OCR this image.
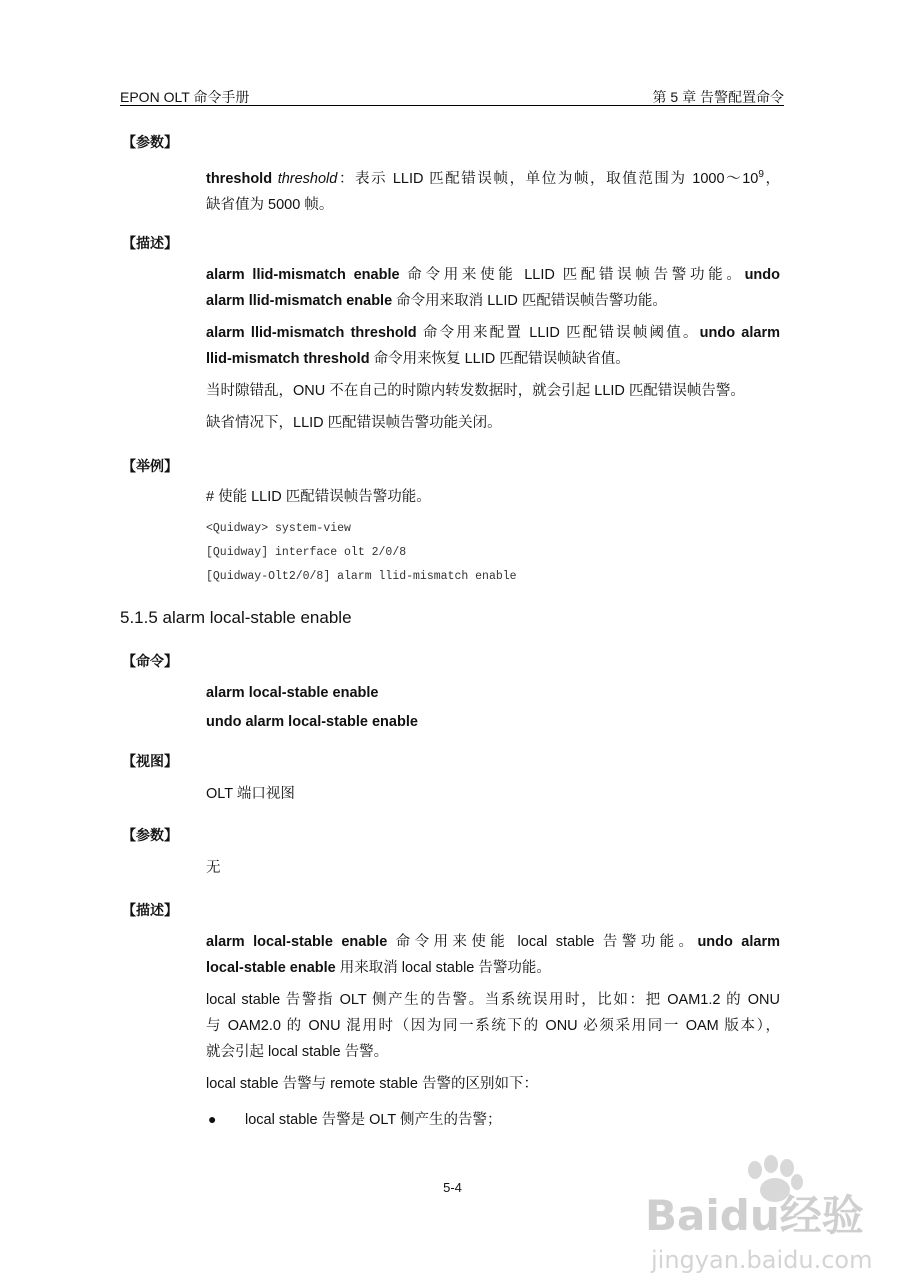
EPON OLT 命令手册	第 5 章 告警配置命令
【参数】
threshold threshold：表示 LLID 匹配错误帧，单位为帧，取值范围为 $1000\sim 10^9$，
缺省值为 5000 帧。
【描述】
alarm llid-mismatch enable 命令用来使能 LLID 匹配错误帧告警功能。undo
alarm llid-mismatch enable 命令用来取消 LLID 匹配错误帧告警功能。
alarm llid-mismatch threshold 命令用来配置 LLID 匹配错误帧阈值。undo alarm
llid-mismatch threshold 命令用来恢复 LLID 匹配错误帧缺省值。
当时隙错乱，ONU 不在自己的时隙内转发数据时，就会引起 LLID 匹配错误帧告警。
缺省情况下，LLID 匹配错误帧告警功能关闭。
【举例】
# 使能 LLID 匹配错误帧告警功能。
<Quidway> system-view
[Quidway] interface olt 2/0/8
[Quidway-Olt2/0/8] alarm llid-mismatch enable
5.1.5 alarm local-stable enable
【命令】
alarm local-stable enable
undo alarm local-stable enable
【视图】
OLT 端口视图
【参数】
无
【描述】
alarm local-stable enable 命令用来使能 local stable 告警功能。undo alarm
local-stable enable 用来取消 local stable 告警功能。
local stable 告警指 OLT 侧产生的告警。当系统误用时，比如：把 OAM1.2 的 ONU
与 OAM2.0 的 ONU 混用时（因为同一系统下的 ONU 必须采用同一 OAM 版本），
就会引起 local stable 告警。
local stable 告警与 remote stable 告警的区别如下：
● local stable 告警是 OLT 侧产生的告警；
5-4
Baidu经验
jingyan.baidu.com
